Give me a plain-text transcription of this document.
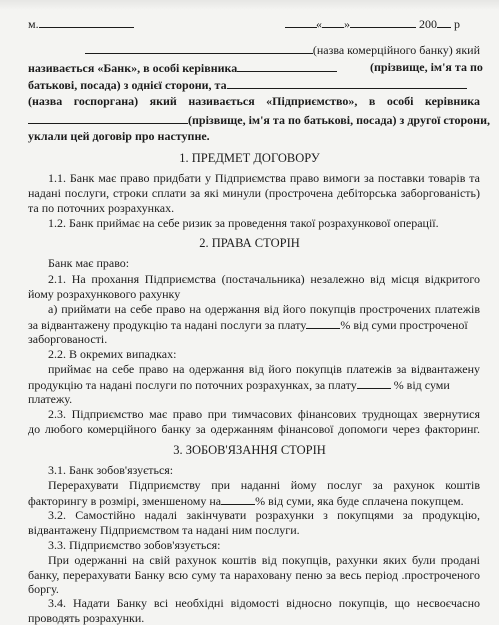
м.	« »	200 р
(назва комерційного банку) який
називається «Банк», в особі керівника	(прізвище, ім'я та по
батькові, посада) з однієї сторони, та
(назва госпоргана) який називається «Підприємство», в особі керівника
(прізвище, ім'я та по батькові, посада) з другої сторони,
уклали цей договір про наступне.
1. ПРЕДМЕТ ДОГОВОРУ
1.1. Банк має право придбати у Підприємства право вимоги за поставки товарів та
надані послуги, строки сплати за які минули (прострочена дебіторська заборгованість)
та по поточних розрахунках.
1.2. Банк приймає на себе ризик за проведення такої розрахункової операції.
2. ПРАВА СТОРІН
Банк має право:
2.1. На прохання Підприємства (постачальника) незалежно від місця відкритого
йому розрахункового рахунку
а) приймати на себе право на одержання від його покупців прострочених платежів
за відвантажену продукцію та надані послуги за плату	% від суми простроченої
заборгованості.
2.2. В окремих випадках:
приймає на себе право на одержання від його покупців платежів за відвантажену
продукцію та надані послуги по поточних розрахунках, за плату	% від суми
платежу.
2.3. Підприємство має право при тимчасових фінансових труднощах звернутися
до любого комерційного банку за одержанням фінансової допомоги через факторинг.
3. ЗОБОВ'ЯЗАННЯ СТОРІН
3.1. Банк зобов'язується:
Перерахувати Підприємству при наданні йому послуг за рахунок коштів
факторингу в розмірі, зменшеному на	% від суми, яка буде сплачена покупцем.
3.2. Самостійно надалі закінчувати розрахунки з покупцями за продукцію,
відвантажену Підприємством та надані ним послуги.
3.3. Підприємство зобов'язується:
При одержанні на свій рахунок коштів від покупців, рахунки яких були продані
банку, перерахувати Банку всю суму та нараховану пеню за весь період .простроченого
боргу.
3.4. Надати Банку всі необхідні відомості відносно покупців, що несвоєчасно
проводять розрахунки.
